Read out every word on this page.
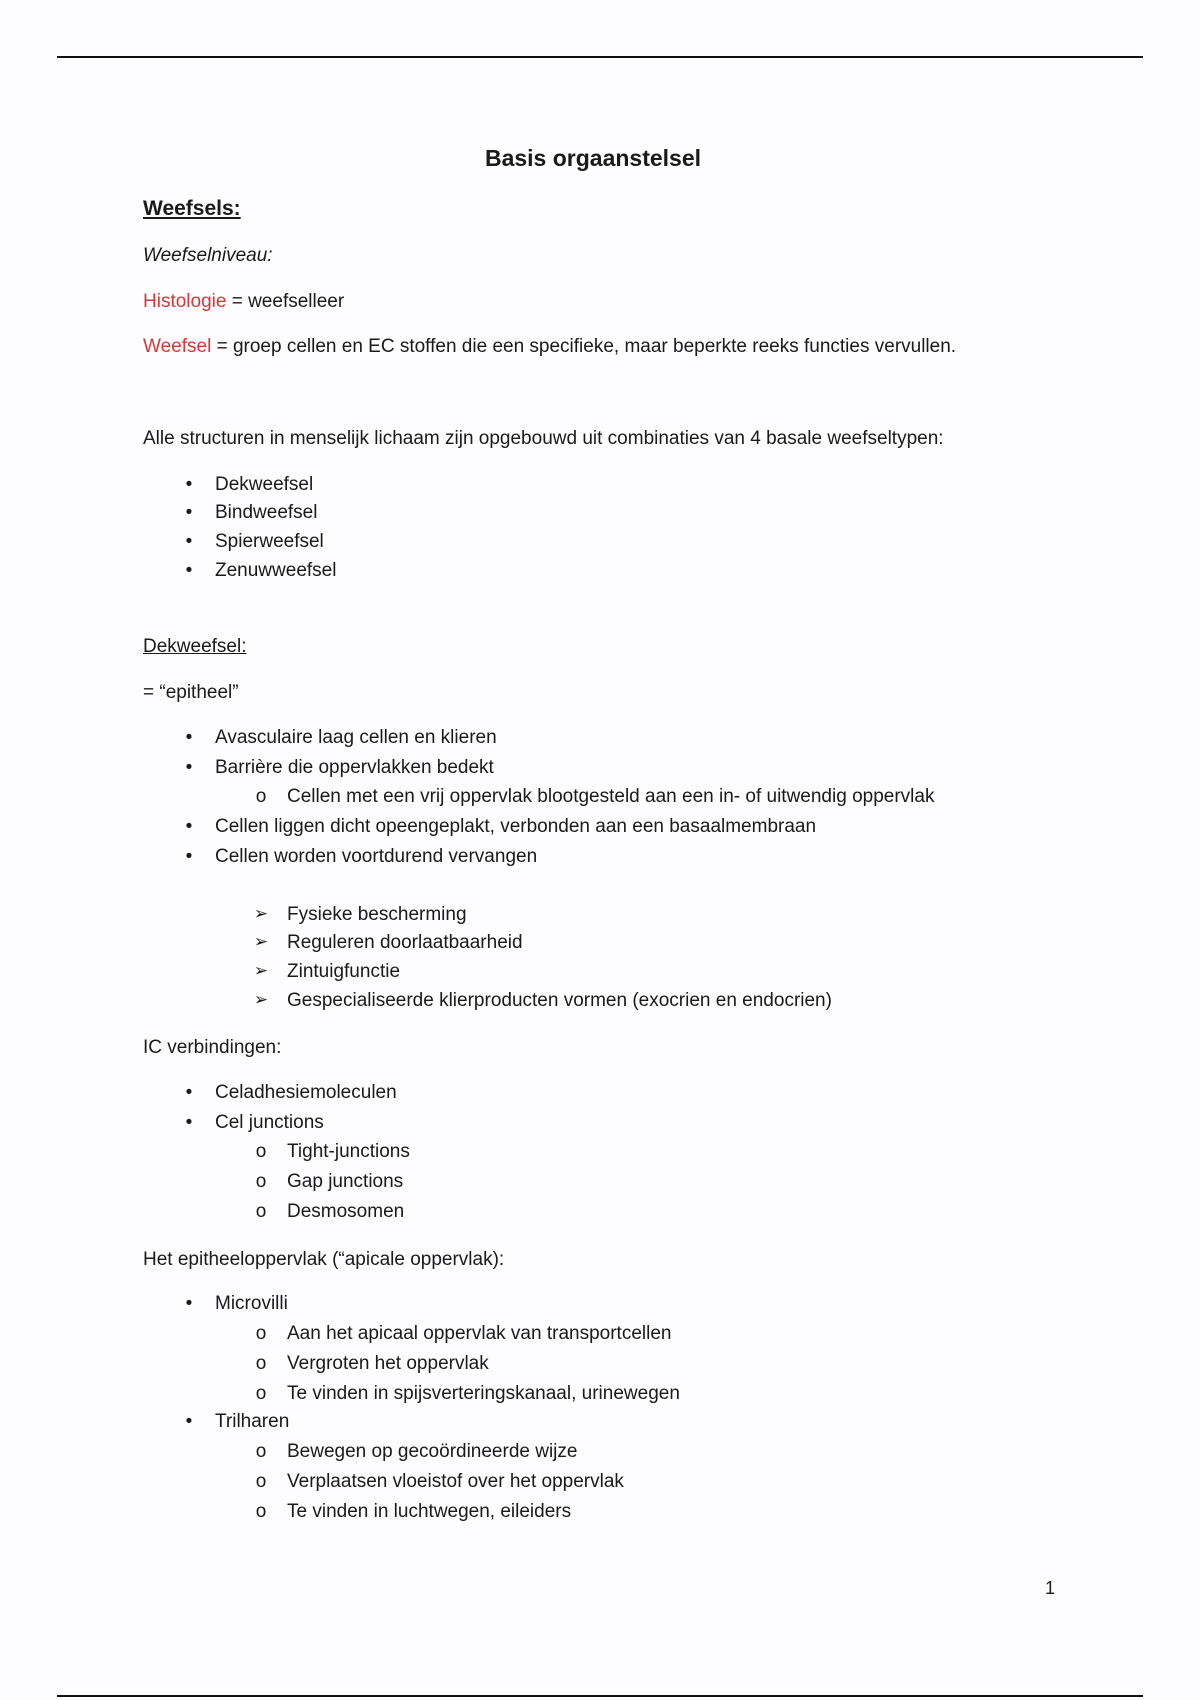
Basis orgaanstelsel
Weefsels:
Weefselniveau:
Histologie = weefselleer
Weefsel = groep cellen en EC stoffen die een specifieke, maar beperkte reeks functies vervullen.
Alle structuren in menselijk lichaam zijn opgebouwd uit combinaties van 4 basale weefseltypen:
•	Dekweefsel
•	Bindweefsel
•	Spierweefsel
•	Zenuwweefsel
Dekweefsel:
= “epitheel”
•	Avasculaire laag cellen en klieren
•	Barrière die oppervlakken bedekt
o Cellen met een vrij oppervlak blootgesteld aan een in- of uitwendig oppervlak
•	Cellen liggen dicht opeengeplakt, verbonden aan een basaalmembraan
•	Cellen worden voortdurend vervangen
➢ Fysieke bescherming
➢ Reguleren doorlaatbaarheid
➢ Zintuigfunctie
➢ Gespecialiseerde klierproducten vormen (exocrien en endocrien)
IC verbindingen:
•	Celadhesiemoleculen
•	Cel junctions
o Tight-junctions
o Gap junctions
o Desmosomen
Het epitheeloppervlak (“apicale oppervlak):
•	Microvilli
o Aan het apicaal oppervlak van transportcellen
o Vergroten het oppervlak
o Te vinden in spijsverteringskanaal, urinewegen
•	Trilharen
o Bewegen op gecoördineerde wijze
o Verplaatsen vloeistof over het oppervlak
o Te vinden in luchtwegen, eileiders
1
